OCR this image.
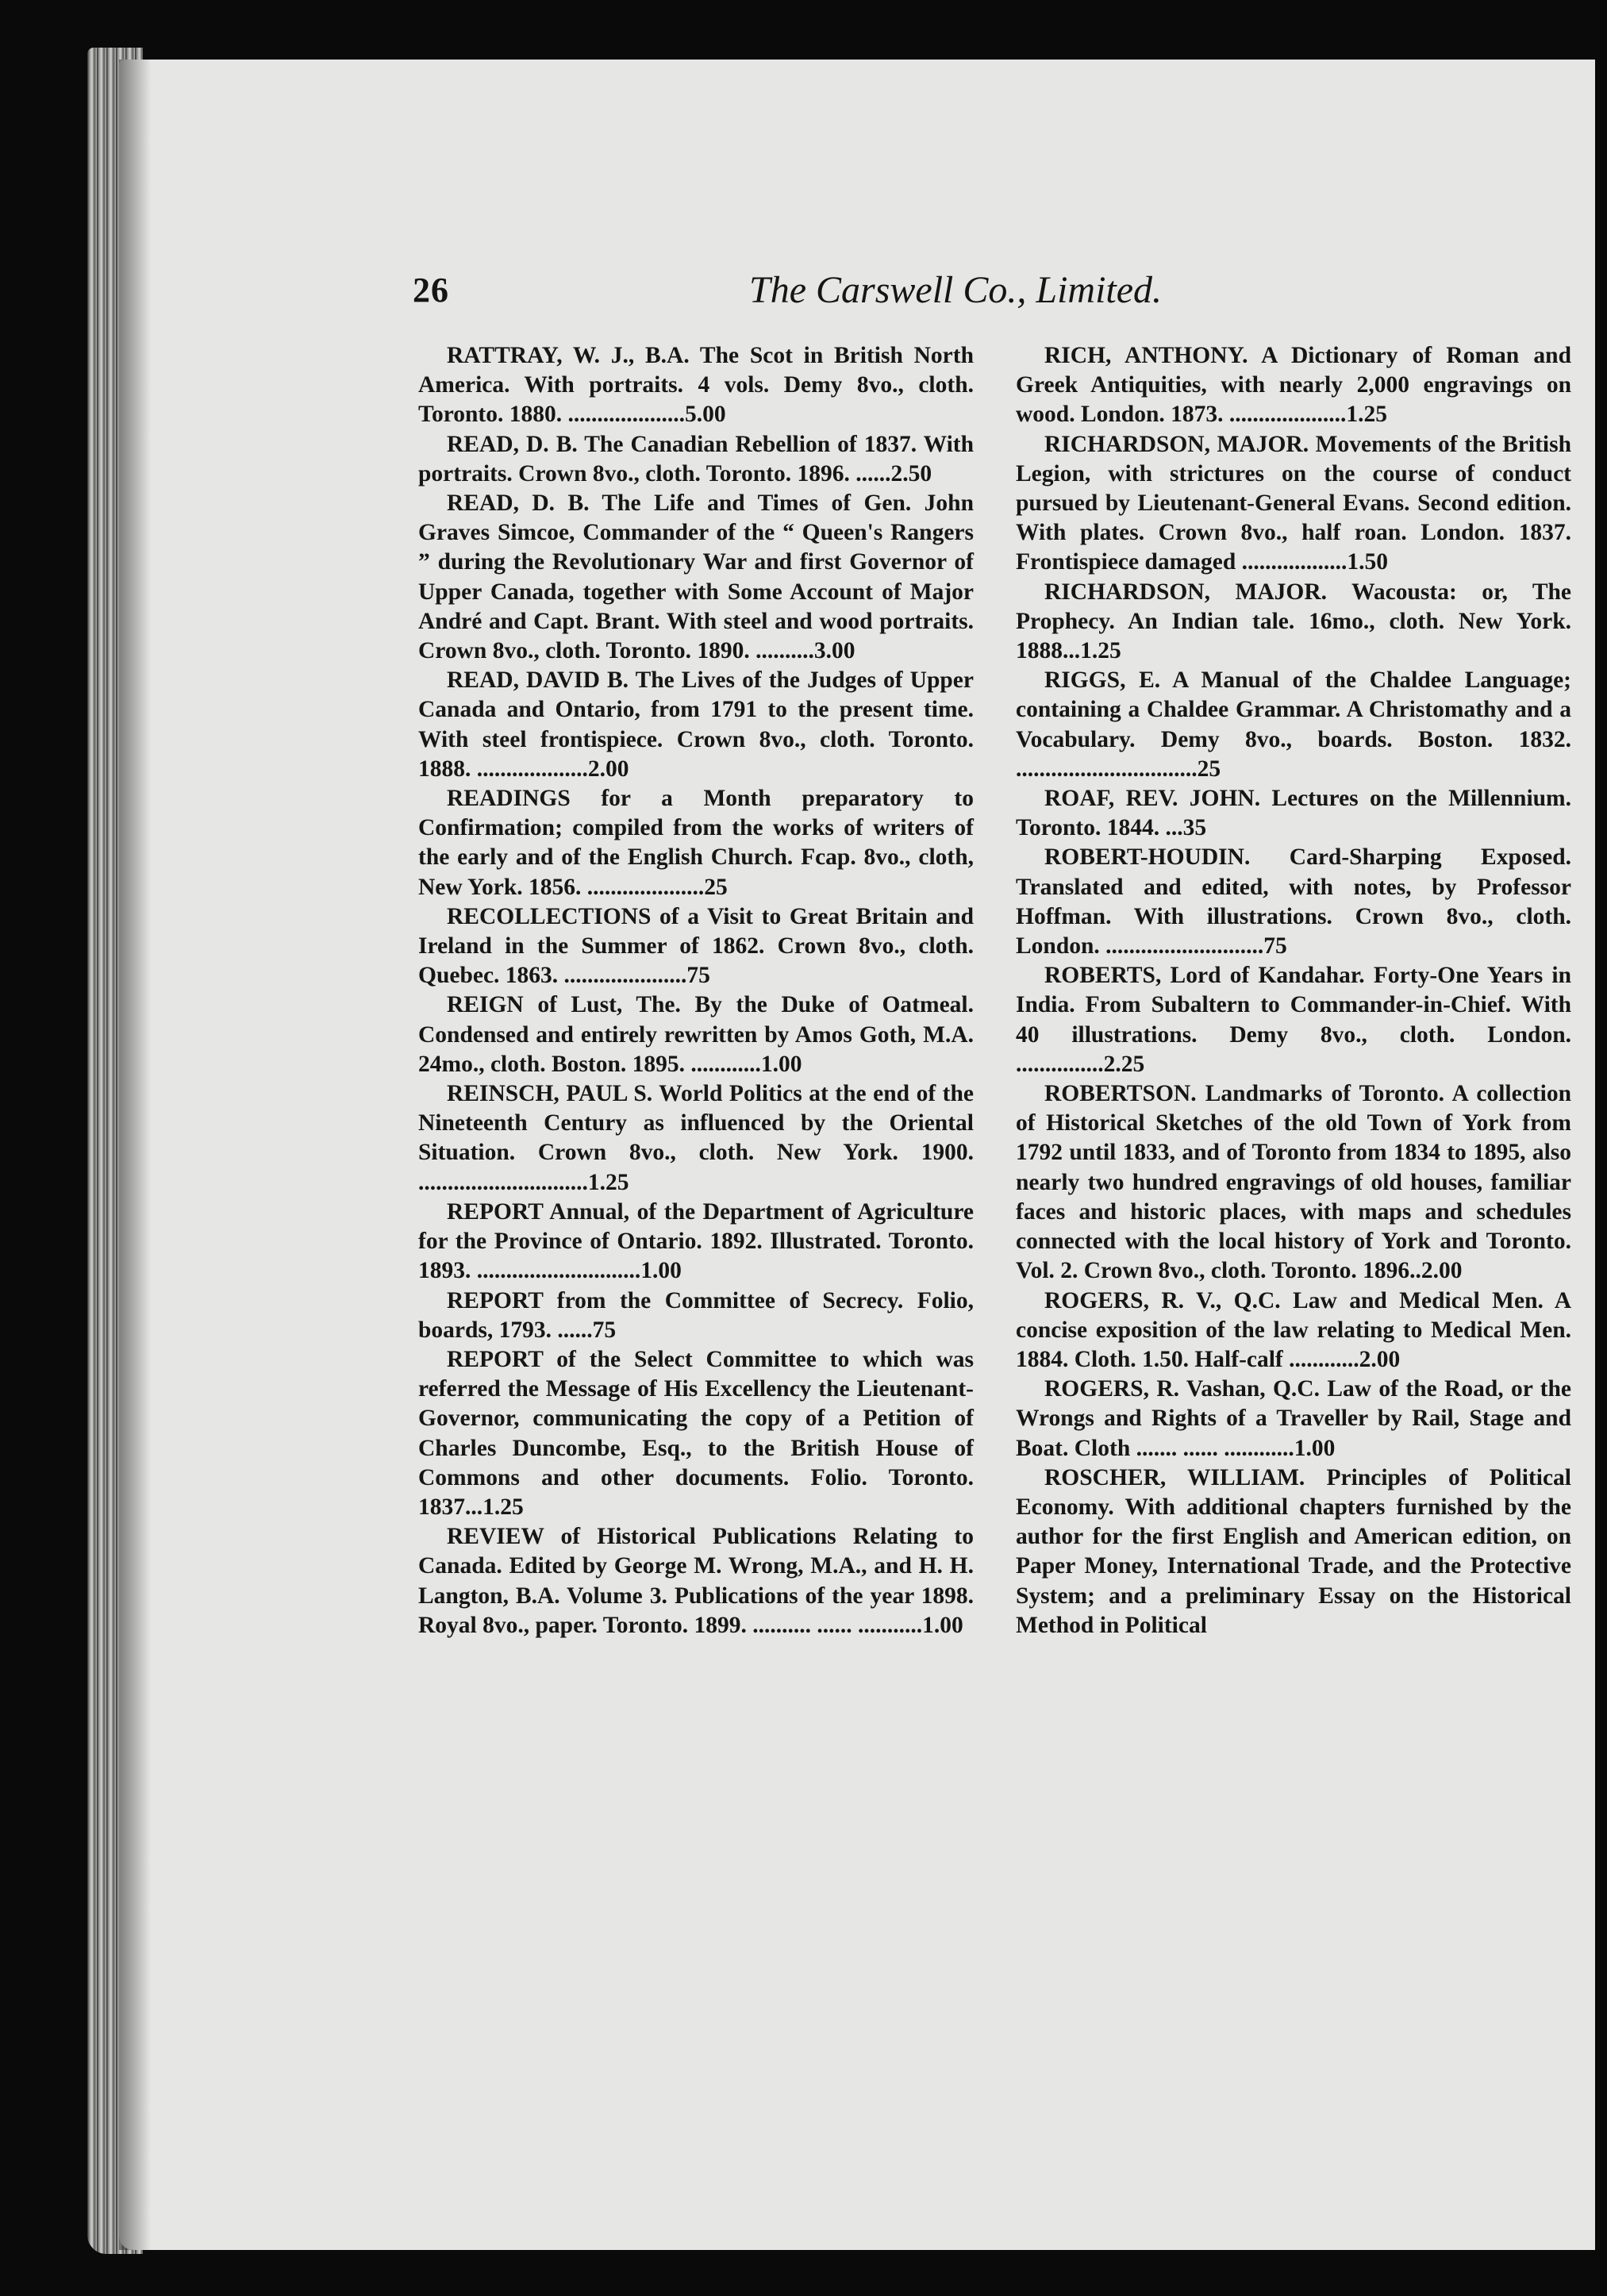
26	The Carswell Co., Limited.

RATTRAY, W. J., B.A. The Scot in British North America. With portraits. 4 vols. Demy 8vo., cloth. Toronto. 1880. ....................5.00

READ, D. B. The Canadian Rebellion of 1837. With portraits. Crown 8vo., cloth. Toronto. 1896. ......2.50

READ, D. B. The Life and Times of Gen. John Graves Simcoe, Commander of the “ Queen's Rangers ” during the Revolutionary War and first Governor of Upper Canada, together with Some Account of Major André and Capt. Brant. With steel and wood portraits. Crown 8vo., cloth. Toronto. 1890. ..........3.00

READ, DAVID B. The Lives of the Judges of Upper Canada and Ontario, from 1791 to the present time. With steel frontispiece. Crown 8vo., cloth. Toronto. 1888. ...................2.00

READINGS for a Month preparatory to Confirmation; compiled from the works of writers of the early and of the English Church. Fcap. 8vo., cloth, New York. 1856. ....................25

RECOLLECTIONS of a Visit to Great Britain and Ireland in the Summer of 1862. Crown 8vo., cloth. Quebec. 1863. .....................75

REIGN of Lust, The. By the Duke of Oatmeal. Condensed and entirely rewritten by Amos Goth, M.A. 24mo., cloth. Boston. 1895. ............1.00

REINSCH, PAUL S. World Politics at the end of the Nineteenth Century as influenced by the Oriental Situation. Crown 8vo., cloth. New York. 1900. .............................1.25

REPORT Annual, of the Department of Agriculture for the Province of Ontario. 1892. Illustrated. Toronto. 1893. ............................1.00

REPORT from the Committee of Secrecy. Folio, boards, 1793. ......75

REPORT of the Select Committee to which was referred the Message of His Excellency the Lieutenant-Governor, communicating the copy of a Petition of Charles Duncombe, Esq., to the British House of Commons and other documents. Folio. Toronto. 1837...1.25

REVIEW of Historical Publications Relating to Canada. Edited by George M. Wrong, M.A., and H. H. Langton, B.A. Volume 3. Publications of the year 1898. Royal 8vo., paper. Toronto. 1899. .......... ...... ...........1.00

RICH, ANTHONY. A Dictionary of Roman and Greek Antiquities, with nearly 2,000 engravings on wood. London. 1873. ....................1.25

RICHARDSON, MAJOR. Movements of the British Legion, with strictures on the course of conduct pursued by Lieutenant-General Evans. Second edition. With plates. Crown 8vo., half roan. London. 1837. Frontispiece damaged ..................1.50

RICHARDSON, MAJOR. Wacousta: or, The Prophecy. An Indian tale. 16mo., cloth. New York. 1888...1.25

RIGGS, E. A Manual of the Chaldee Language; containing a Chaldee Grammar. A Christomathy and a Vocabulary. Demy 8vo., boards. Boston. 1832. ...............................25

ROAF, REV. JOHN. Lectures on the Millennium. Toronto. 1844. ...35

ROBERT-HOUDIN. Card-Sharping Exposed. Translated and edited, with notes, by Professor Hoffman. With illustrations. Crown 8vo., cloth. London. ...........................75

ROBERTS, Lord of Kandahar. Forty-One Years in India. From Subaltern to Commander-in-Chief. With 40 illustrations. Demy 8vo., cloth. London. ...............2.25

ROBERTSON. Landmarks of Toronto. A collection of Historical Sketches of the old Town of York from 1792 until 1833, and of Toronto from 1834 to 1895, also nearly two hundred engravings of old houses, familiar faces and historic places, with maps and schedules connected with the local history of York and Toronto. Vol. 2. Crown 8vo., cloth. Toronto. 1896..2.00

ROGERS, R. V., Q.C. Law and Medical Men. A concise exposition of the law relating to Medical Men. 1884. Cloth. 1.50. Half-calf ............2.00

ROGERS, R. Vashan, Q.C. Law of the Road, or the Wrongs and Rights of a Traveller by Rail, Stage and Boat. Cloth ....... ...... ............1.00

ROSCHER, WILLIAM. Principles of Political Economy. With additional chapters furnished by the author for the first English and American edition, on Paper Money, International Trade, and the Protective System; and a preliminary Essay on the Historical Method in Political
